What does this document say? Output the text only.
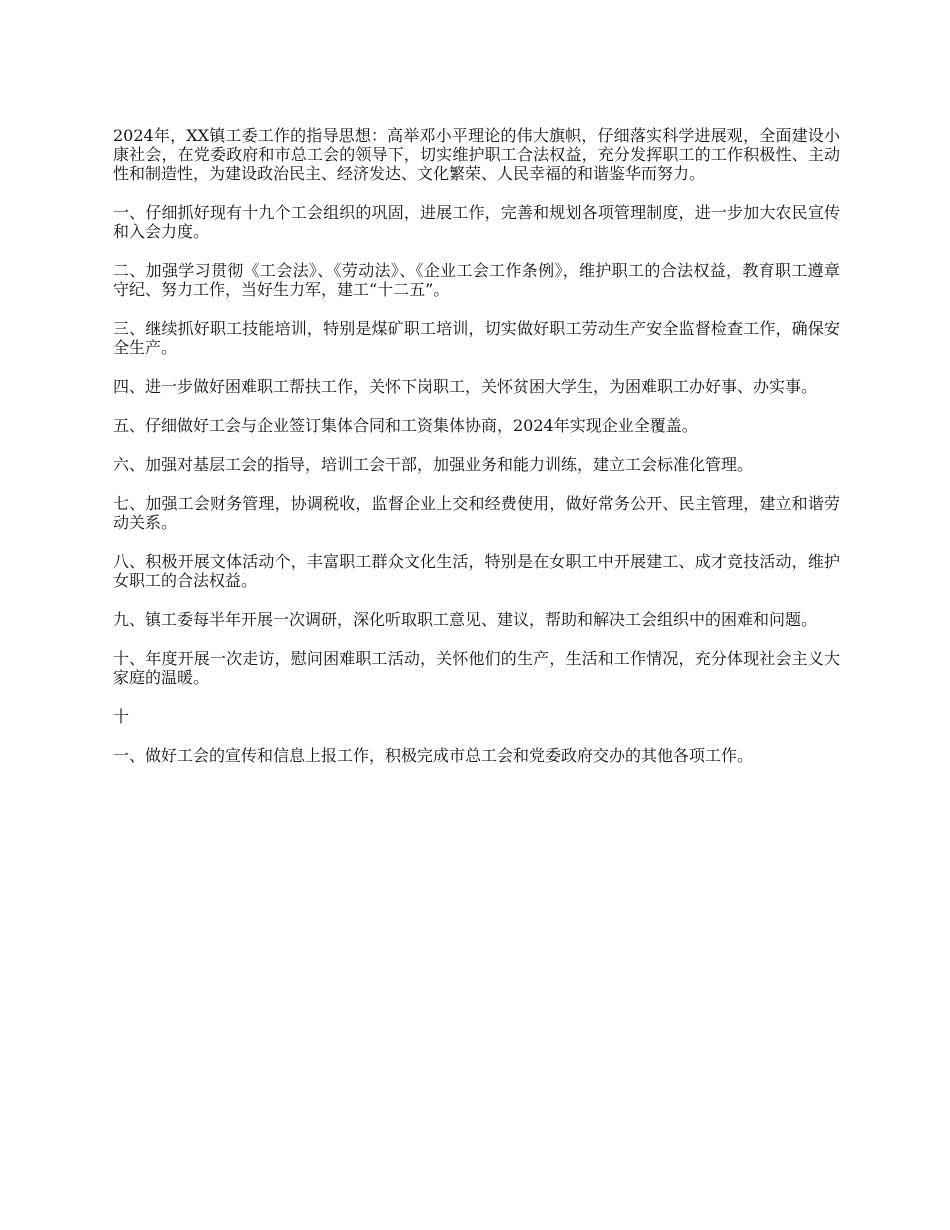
2024年，XX镇工委工作的指导思想：高举邓小平理论的伟大旗帜，仔细落实科学进展观，全面建设小康社会，在党委政府和市总工会的领导下，切实维护职工合法权益，充分发挥职工的工作积极性、主动性和制造性，为建设政治民主、经济发达、文化繁荣、人民幸福的和谐鉴华而努力。

一、仔细抓好现有十九个工会组织的巩固，进展工作，完善和规划各项管理制度，进一步加大农民宣传和入会力度。

二、加强学习贯彻《工会法》、《劳动法》、《企业工会工作条例》，维护职工的合法权益，教育职工遵章守纪、努力工作，当好生力军，建工“十二五”。

三、继续抓好职工技能培训，特别是煤矿职工培训，切实做好职工劳动生产安全监督检查工作，确保安全生产。

四、进一步做好困难职工帮扶工作，关怀下岗职工，关怀贫困大学生，为困难职工办好事、办实事。

五、仔细做好工会与企业签订集体合同和工资集体协商，2024年实现企业全覆盖。

六、加强对基层工会的指导，培训工会干部，加强业务和能力训练，建立工会标准化管理。

七、加强工会财务管理，协调税收，监督企业上交和经费使用，做好常务公开、民主管理，建立和谐劳动关系。

八、积极开展文体活动个，丰富职工群众文化生活，特别是在女职工中开展建工、成才竞技活动，维护女职工的合法权益。

九、镇工委每半年开展一次调研，深化听取职工意见、建议，帮助和解决工会组织中的困难和问题。

十、年度开展一次走访，慰问困难职工活动，关怀他们的生产，生活和工作情况，充分体现社会主义大家庭的温暖。

十

一、做好工会的宣传和信息上报工作，积极完成市总工会和党委政府交办的其他各项工作。
